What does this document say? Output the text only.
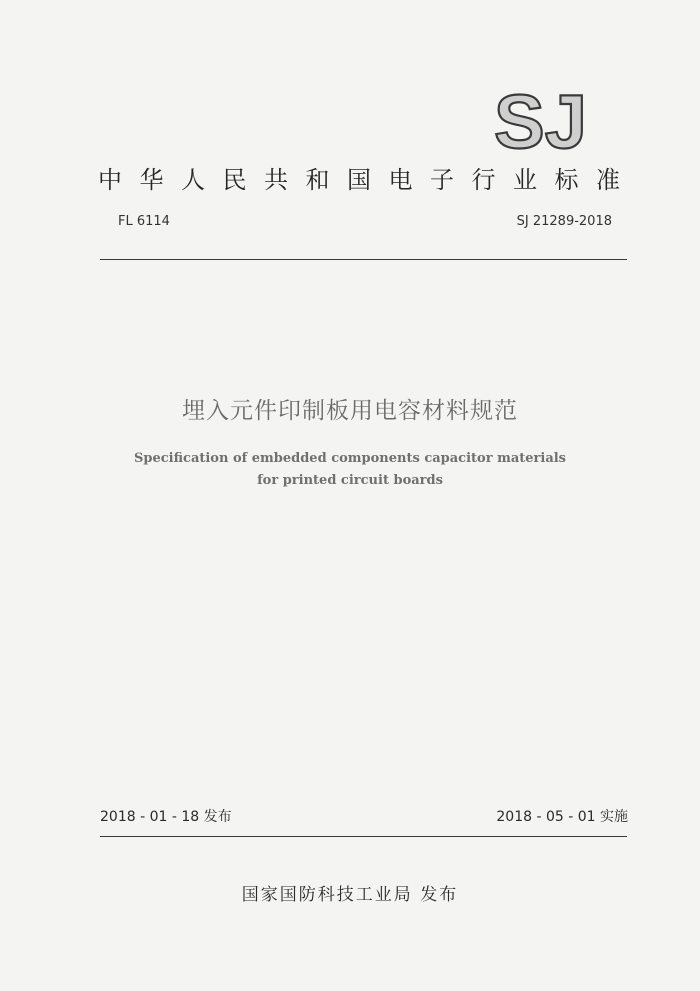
SJ
中 华 人 民 共 和 国 电 子 行 业 标 准
FL 6114	SJ 21289-2018
埋入元件印制板用电容材料规范
Specification of embedded components capacitor materials
for printed circuit boards
2018 - 01 - 18 发布	2018 - 05 - 01 实施
国家国防科技工业局 发布
